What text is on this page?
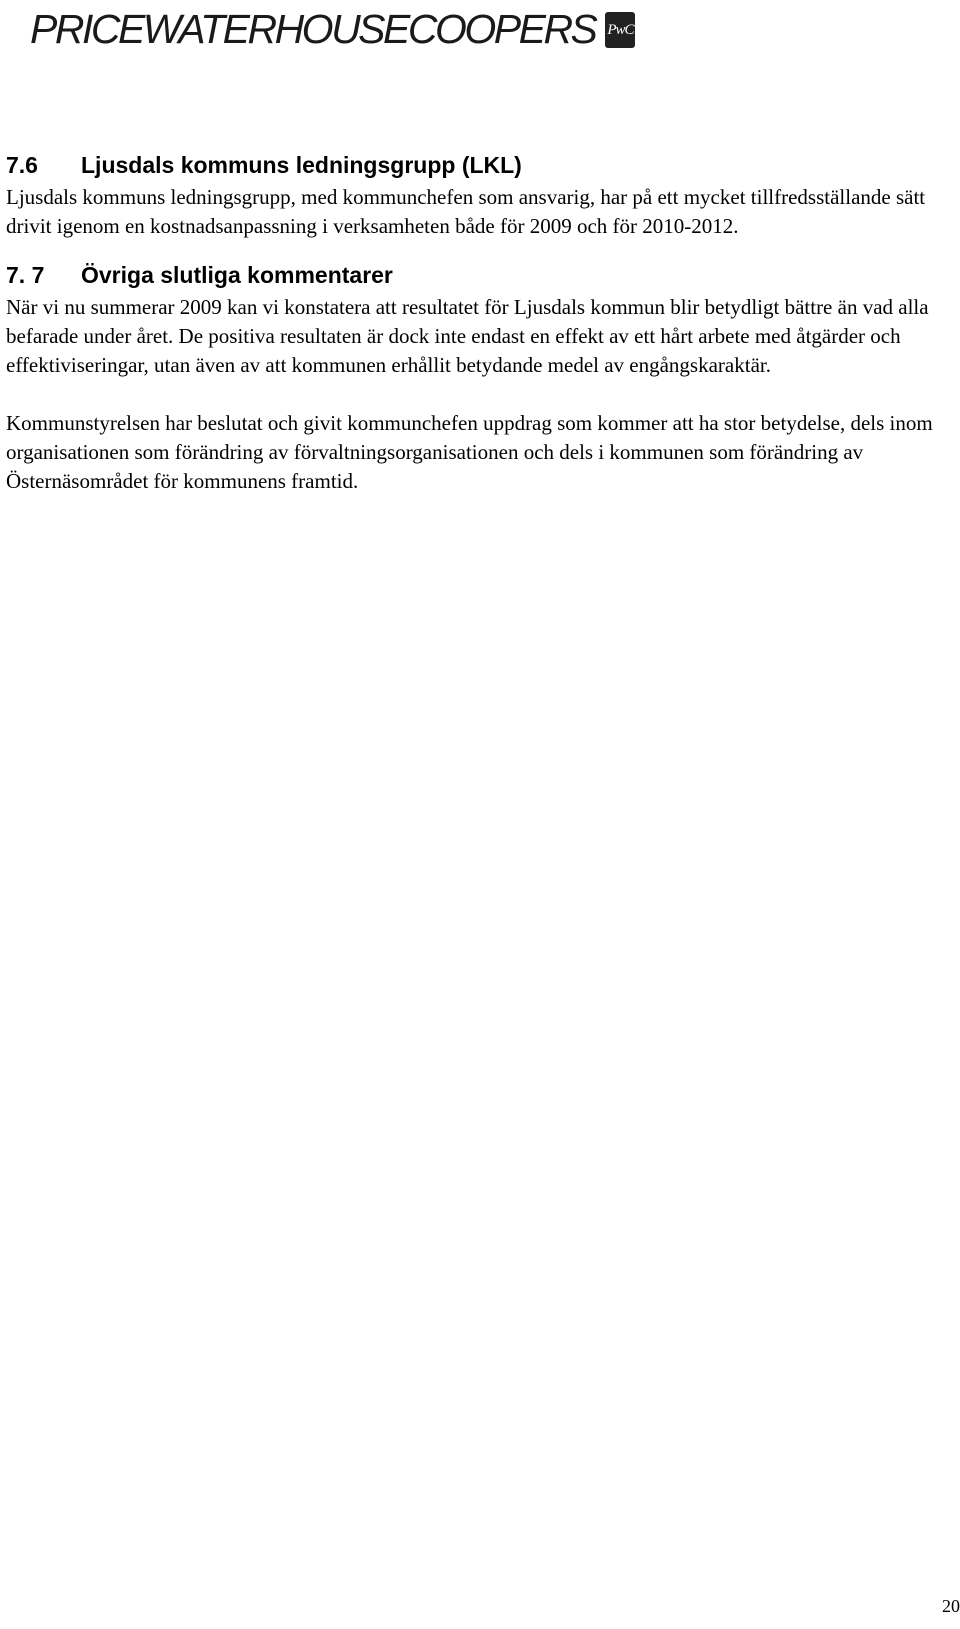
PRICEWATERHOUSECOOPERS PwC
7.6	Ljusdals kommuns ledningsgrupp (LKL)

Ljusdals kommuns ledningsgrupp, med kommunchefen som ansvarig, har på ett mycket tillfredsställande sätt drivit igenom en kostnadsanpassning i verksamheten både för 2009 och för 2010-2012.

7. 7	Övriga slutliga kommentarer

När vi nu summerar 2009 kan vi konstatera att resultatet för Ljusdals kommun blir betydligt bättre än vad alla befarade under året. De positiva resultaten är dock inte endast en effekt av ett hårt arbete med åtgärder och effektiviseringar, utan även av att kommunen erhållit betydande medel av engångskaraktär.

Kommunstyrelsen har beslutat och givit kommunchefen uppdrag som kommer att ha stor betydelse, dels inom organisationen som förändring av förvaltningsorganisationen och dels i kommunen som förändring av Östernäsområdet för kommunens framtid.

20
